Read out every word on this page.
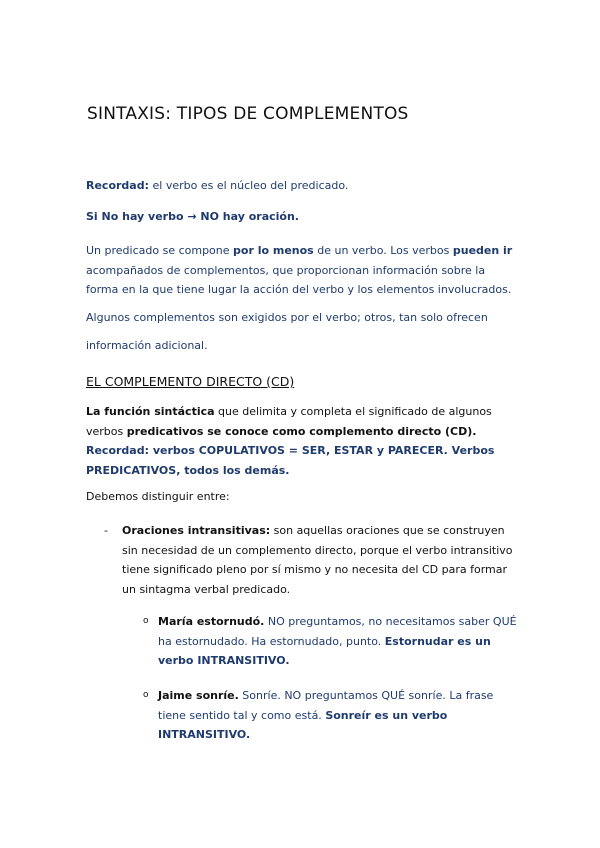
SINTAXIS: TIPOS DE COMPLEMENTOS

Recordad: el verbo es el núcleo del predicado.

Si No hay verbo → NO hay oración.

Un predicado se compone por lo menos de un verbo. Los verbos pueden ir acompañados de complementos, que proporcionan información sobre la forma en la que tiene lugar la acción del verbo y los elementos involucrados.

Algunos complementos son exigidos por el verbo; otros, tan solo ofrecen

información adicional.

EL COMPLEMENTO DIRECTO (CD)

La función sintáctica que delimita y completa el significado de algunos verbos predicativos se conoce como complemento directo (CD). Recordad: verbos COPULATIVOS = SER, ESTAR y PARECER. Verbos PREDICATIVOS, todos los demás.

Debemos distinguir entre:

- Oraciones intransitivas: son aquellas oraciones que se construyen sin necesidad de un complemento directo, porque el verbo intransitivo tiene significado pleno por sí mismo y no necesita del CD para formar un sintagma verbal predicado.

o María estornudó. NO preguntamos, no necesitamos saber QUÉ ha estornudado. Ha estornudado, punto. Estornudar es un verbo INTRANSITIVO.

o Jaime sonríe. Sonríe. NO preguntamos QUÉ sonríe. La frase tiene sentido tal y como está. Sonreír es un verbo INTRANSITIVO.
